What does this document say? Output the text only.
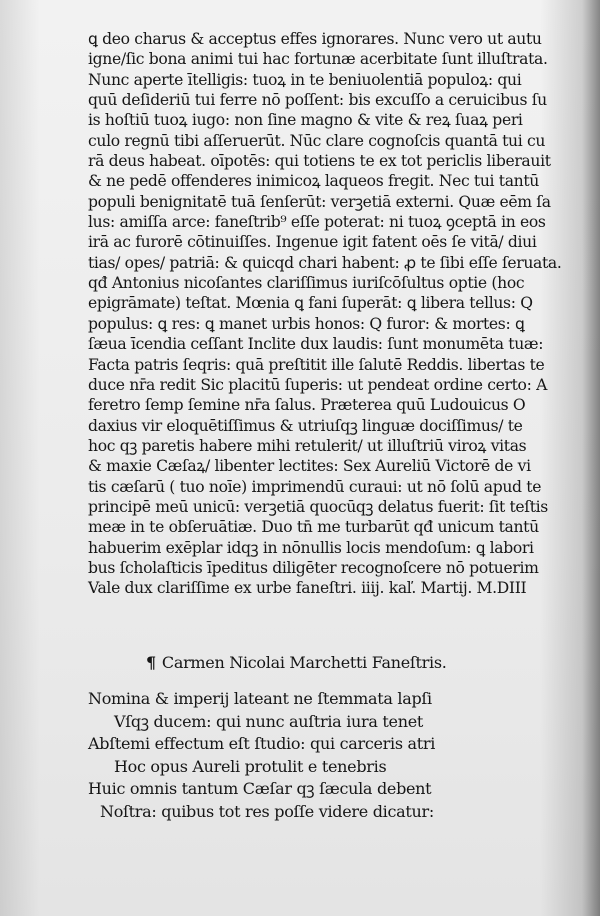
ꝗ deo charus & acceptus effes ignorares. Nunc vero ut autu
igne/ſic bona animi tui hac fortunæ acerbitate ſunt illuſtrata.
Nunc aperte ītelligis: tuoꝝ in te beniuolentiā populoꝝ: qui
quū deſideriū tui ferre nō poſſent: bis excuſſo a ceruicibus ſu
is hoſtiū tuoꝝ iugo: non ſine magno & vite & reꝝ ſuaꝝ peri
culo regnū tibi aſſeruerūt. Nūc clare cognoſcis quantā tui cu
rā deus habeat. oīpotēs: qui totiens te ex tot periclis liberauit
& ne pedē offenderes inimicoꝝ laqueos fregit. Nec tui tantū
populi benignitatē tuā ſenſerūt: verꝫetiā externi. Quæ eēm ſa
lus: amiſſa arce: faneſtrib⁹ eſſe poterat: ni tuoꝝ ꝯceptā in eos
irā ac furorē cōtinuiſſes. Ingenue igit fatent oēs ſe vitā/ diui
tias/ opes/ patriā: & quicqd chari habent: ꝓ te ſibi eſſe ſeruata.
qđ Antonius nicoſantes clariſſimus iuriſcōſultus optie (hoc
epigrāmate) teſtat. Mœnia ꝗ fani ſuperāt: ꝗ libera tellus: Q
populus: ꝗ res: ꝗ manet urbis honos: Q furor: & mortes: ꝗ
ſæua īcendia ceſſant Inclite dux laudis: ſunt monumēta tuæ:
Facta patris ſeqris: quā preſtitit ille ſalutē Reddis. libertas te
duce nr̄a redit Sic placitū ſuperis: ut pendeat ordine certo: A
feretro ſemp ſemine nr̄a ſalus. Præterea quū Ludouicus O
daxius vir eloquētiſſimus & utriuſqꝫ linguæ dociſſimus/ te
hoc qꝫ paretis habere mihi retulerit/ ut illuſtriū viroꝝ vitas
& maxie Cæſaꝝ/ libenter lectites: Sex Aureliū Victorē de vi
tis cæſarū ( tuo noīe) imprimendū curaui: ut nō ſolū apud te
principē meū unicū: verꝫetiā quocūqꝫ delatus fuerit: ſit teſtis
meæ in te obſeruātiæ. Duo tn̄ me turbarūt qđ unicum tantū
habuerim exēplar idqꝫ in nōnullis locis mendoſum: ꝗ labori
bus ſcholaſticis īpeditus diligēter recognoſcere nō potuerim
Vale dux clariſſime ex urbe faneſtri. iiij. kaľ. Martij. M.DIII
¶ Carmen Nicolai Marchetti Faneſtris.
Nomina & imperij lateant ne ſtemmata lapſi
Vſqꝫ ducem: qui nunc auſtria iura tenet
Abſtemi effectum eſt ſtudio: qui carceris atri
Hoc opus Aureli protulit e tenebris
Huic omnis tantum Cæſar qꝫ ſæcula debent
Noſtra: quibus tot res poſſe videre dicatur:
